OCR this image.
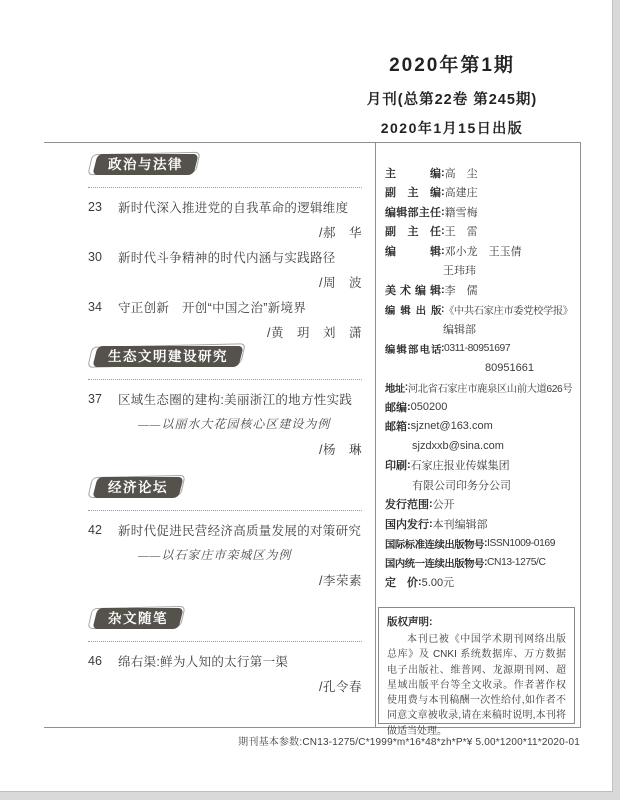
2020年第1期
月刊(总第22卷 第245期)
2020年1月15日出版
政治与法律
23	新时代深入推进党的自我革命的逻辑维度
/郝　华
30	新时代斗争精神的时代内涵与实践路径
/周　波
34	守正创新　开创“中国之治”新境界
/黄　玥　刘　潇
生态文明建设研究
37	区域生态圈的建构:美丽浙江的地方性实践
——以丽水大花园核心区建设为例
/杨　琳
经济论坛
42	新时代促进民营经济高质量发展的对策研究
——以石家庄市栾城区为例
/李荣素
杂文随笔
46	绵右渠:鲜为人知的太行第一渠
/孔令春
主编 : 高　尘
副主编 : 高建庄
编辑部主任 : 籍雪梅
副主任 : 王　雷
编辑 : 邓小龙　王玉倩
王玮玮
美术编辑 : 李　儒
编辑出版 : 《中共石家庄市委党校学报》
编辑部
编辑部电话 : 0311-80951697
80951661
地址 : 河北省石家庄市鹿泉区山前大道626号
邮编 : 050200
邮箱 : sjznet@163.com
sjzdxxb@sina.com
印刷 : 石家庄报业传媒集团
有限公司印务分公司
发行范围 : 公开
国内发行 : 本刊编辑部
国际标准连续出版物号 : ISSN1009-0169
国内统一连续出版物号 : CN13-1275/C
定　价 : 5.00元
版权声明:
本刊已被《中国学术期刊网络出版总库》及 CNKI 系统数据库、万方数据电子出版社、维普网、龙源期刊网、超星域出版平台等全文收录。作者著作权使用费与本刊稿酬一次性给付,如作者不同意文章被收录,请在来稿时说明,本刊将做适当处理。
期刊基本参数:CN13-1275/C*1999*m*16*48*zh*P*¥ 5.00*1200*11*2020-01
